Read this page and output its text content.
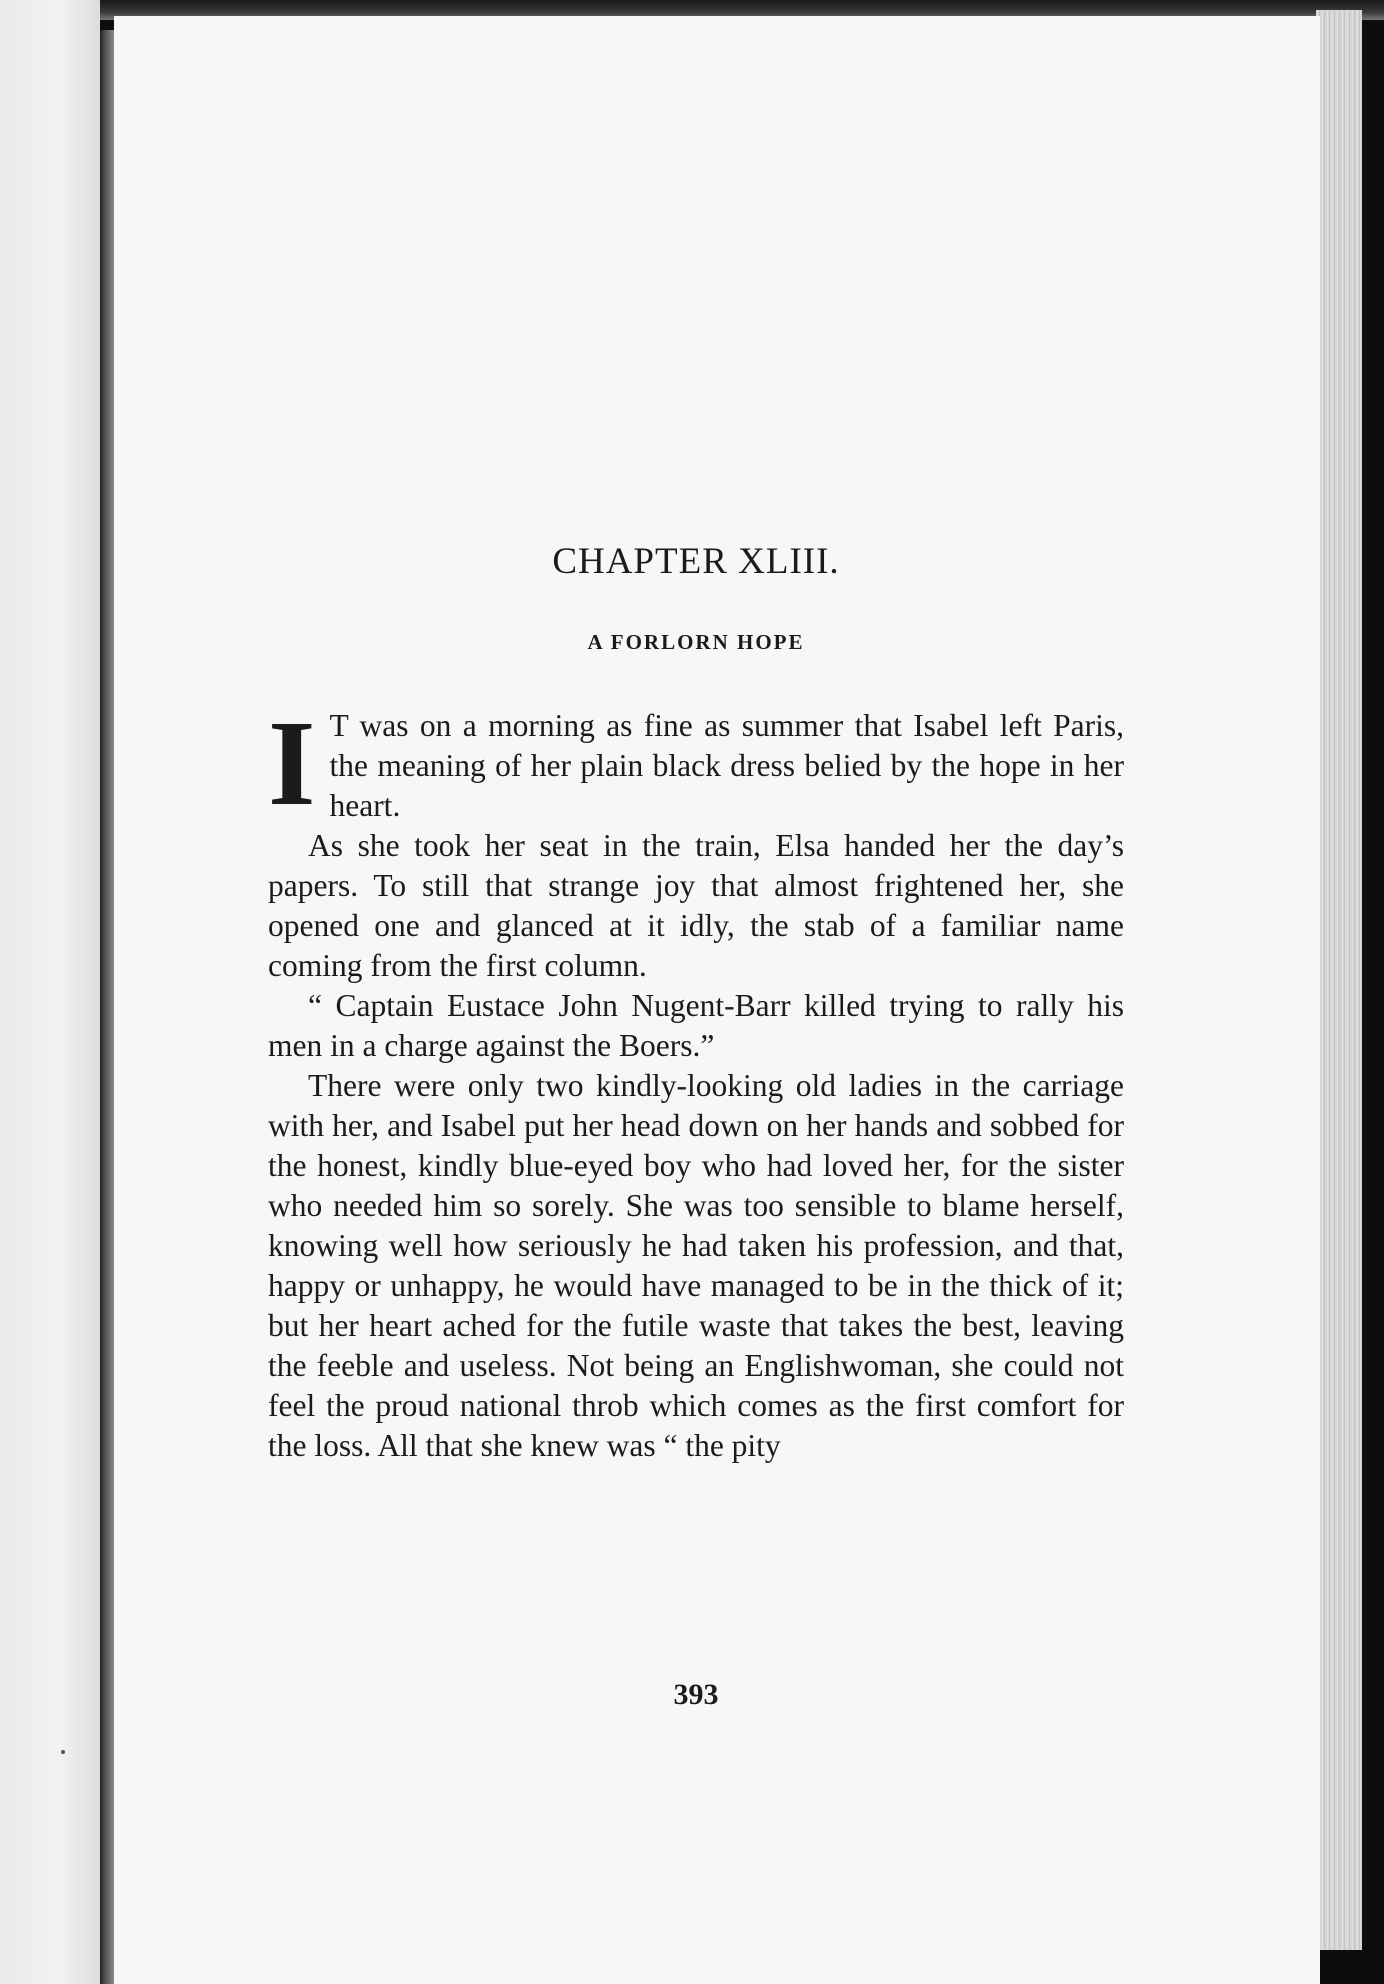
CHAPTER XLIII.
A FORLORN HOPE

I T was on a morning as fine as summer that Isabel left Paris, the meaning of her plain black dress belied by the hope in her heart.

As she took her seat in the train, Elsa handed her the day’s papers. To still that strange joy that almost frightened her, she opened one and glanced at it idly, the stab of a familiar name coming from the first column.

“ Captain Eustace John Nugent-Barr killed trying to rally his men in a charge against the Boers.”

There were only two kindly-looking old ladies in the carriage with her, and Isabel put her head down on her hands and sobbed for the honest, kindly blue-eyed boy who had loved her, for the sister who needed him so sorely. She was too sensible to blame herself, knowing well how seriously he had taken his profession, and that, happy or unhappy, he would have managed to be in the thick of it; but her heart ached for the futile waste that takes the best, leaving the feeble and useless. Not being an Englishwoman, she could not feel the proud national throb which comes as the first comfort for the loss. All that she knew was “ the pity

393
